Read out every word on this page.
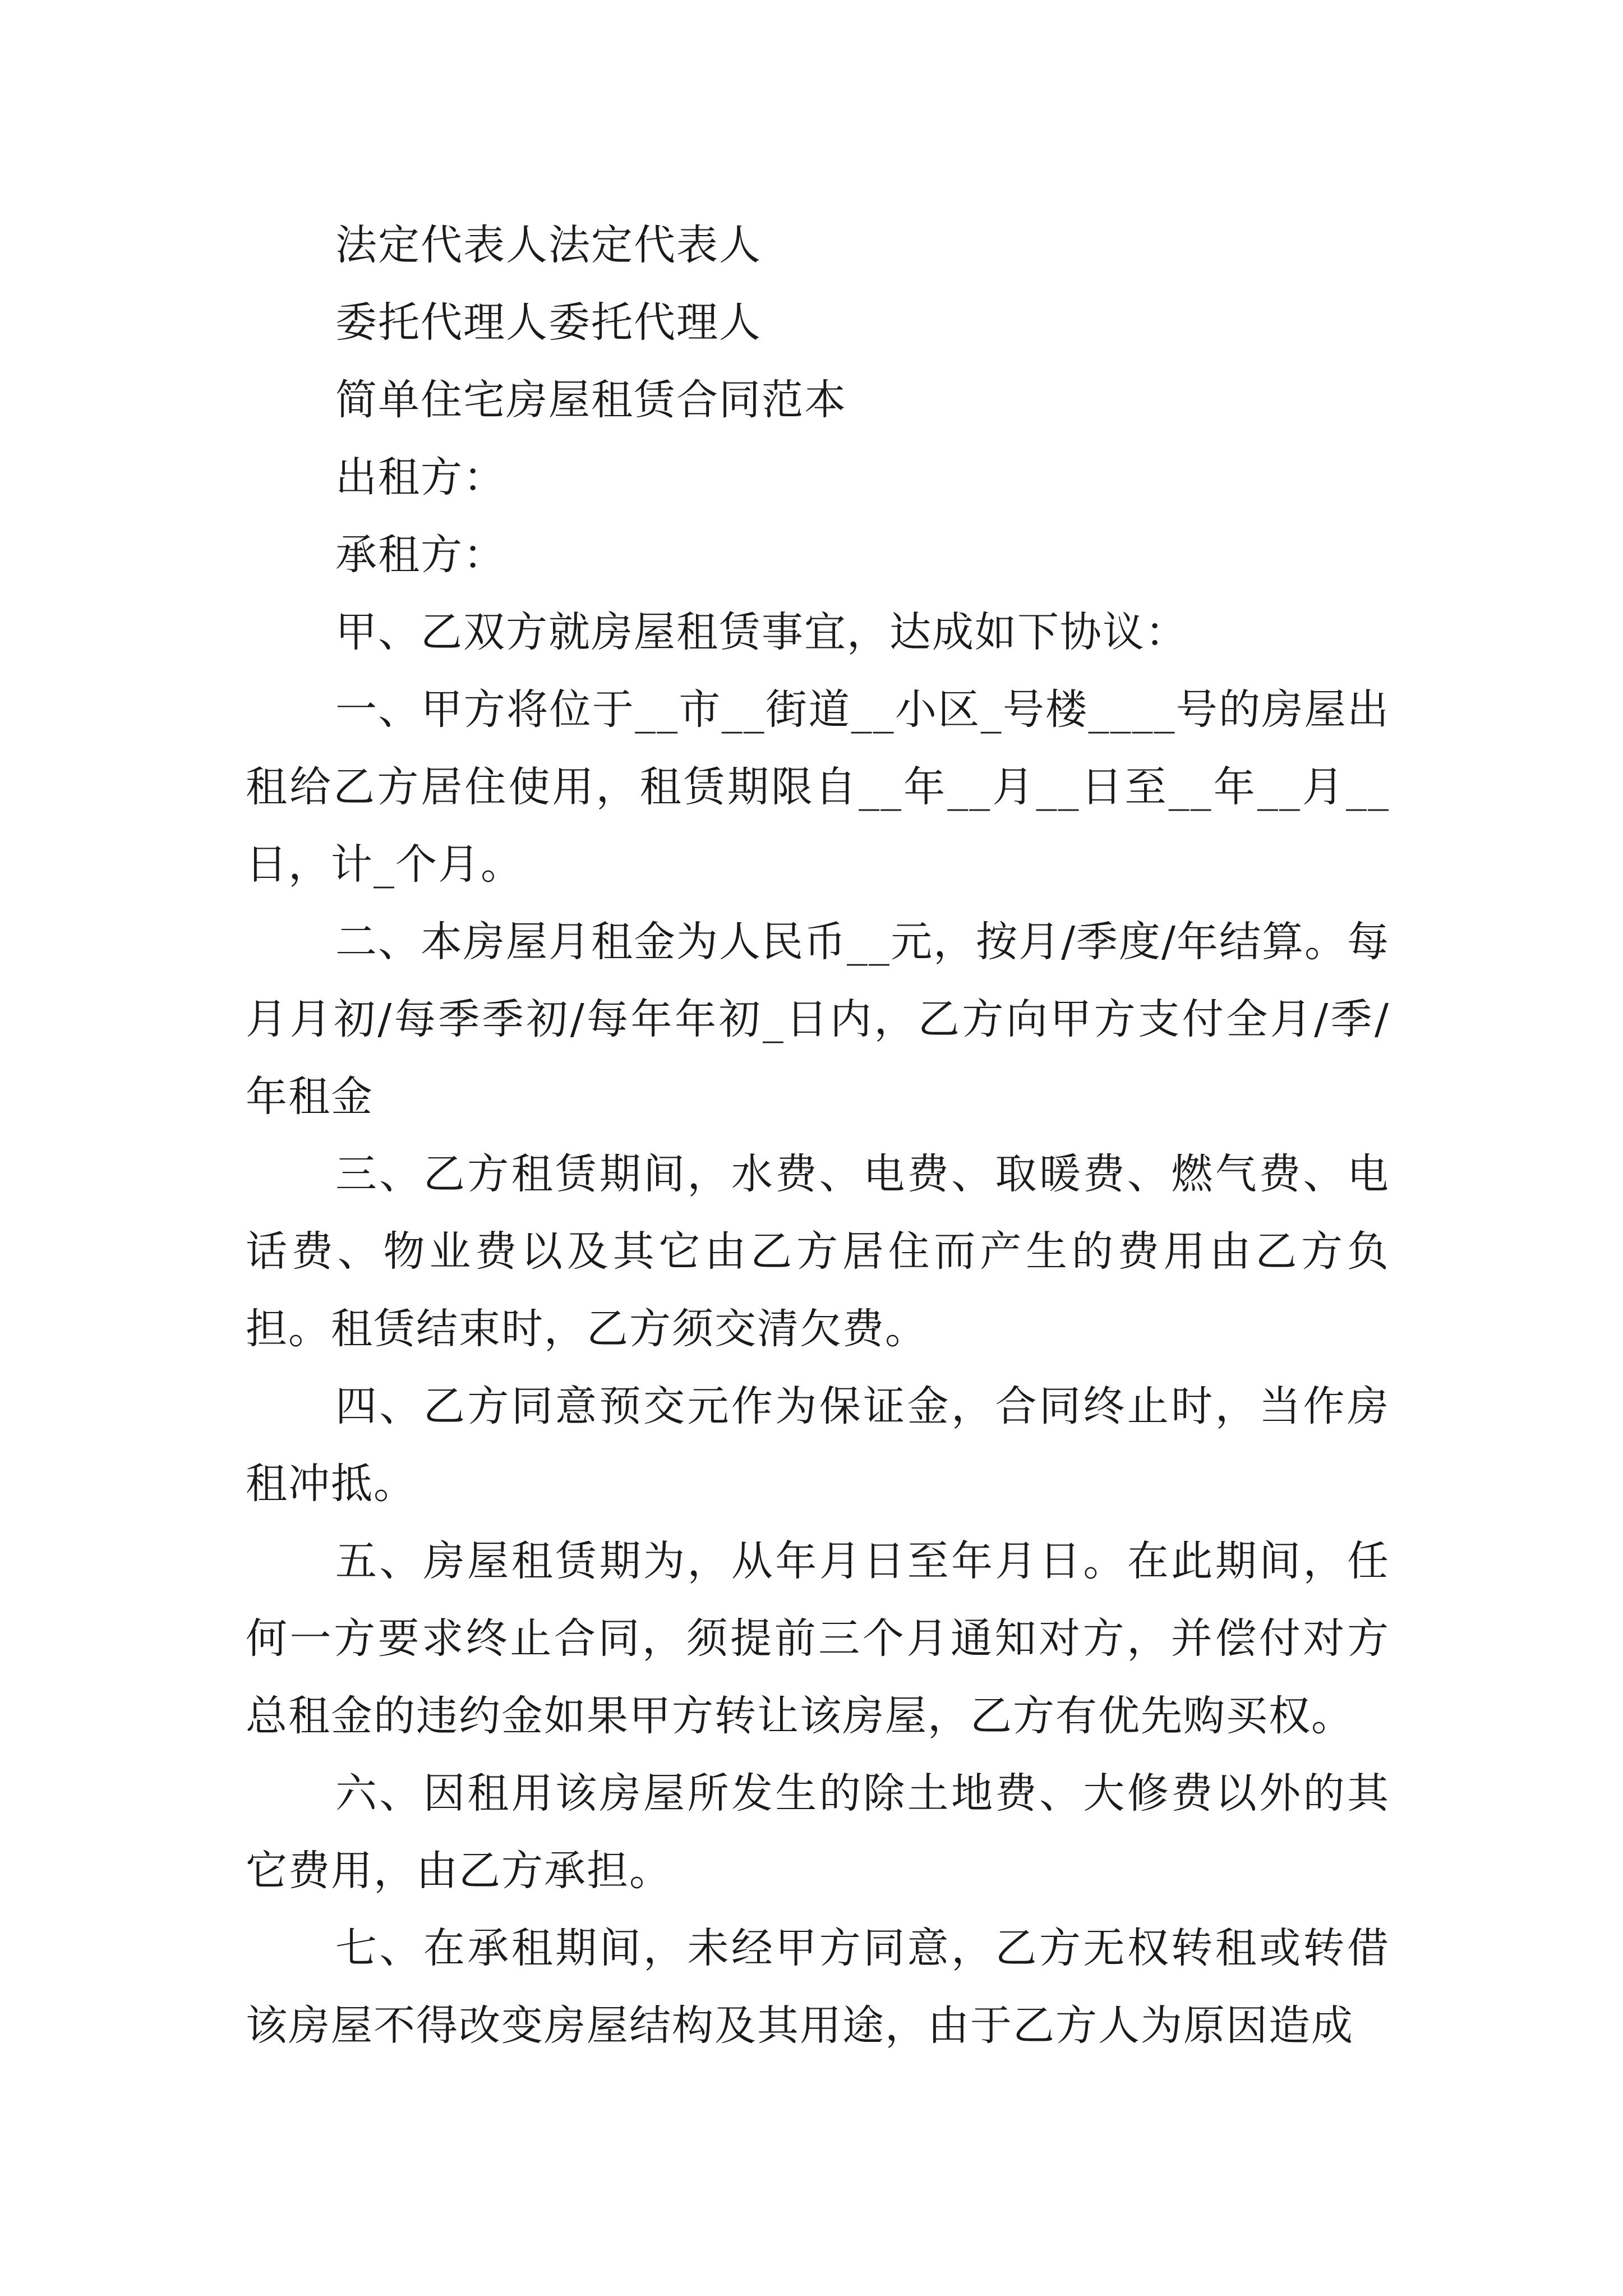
法定代表人法定代表人

委托代理人委托代理人

简单住宅房屋租赁合同范本

出租方：

承租方：

甲、乙双方就房屋租赁事宜，达成如下协议：

一、甲方将位于__市__街道__小区_号楼____号的房屋出租给乙方居住使用，租赁期限自__年__月__日至__年__月__日，计_个月。

二、本房屋月租金为人民币__元，按月/季度/年结算。每月月初/每季季初/每年年初_日内，乙方向甲方支付全月/季/年租金

三、乙方租赁期间，水费、电费、取暖费、燃气费、电话费、物业费以及其它由乙方居住而产生的费用由乙方负担。租赁结束时，乙方须交清欠费。

四、乙方同意预交元作为保证金，合同终止时，当作房租冲抵。

五、房屋租赁期为，从年月日至年月日。在此期间，任何一方要求终止合同，须提前三个月通知对方，并偿付对方总租金的违约金如果甲方转让该房屋，乙方有优先购买权。

六、因租用该房屋所发生的除土地费、大修费以外的其它费用，由乙方承担。

七、在承租期间，未经甲方同意，乙方无权转租或转借该房屋不得改变房屋结构及其用途，由于乙方人为原因造成
